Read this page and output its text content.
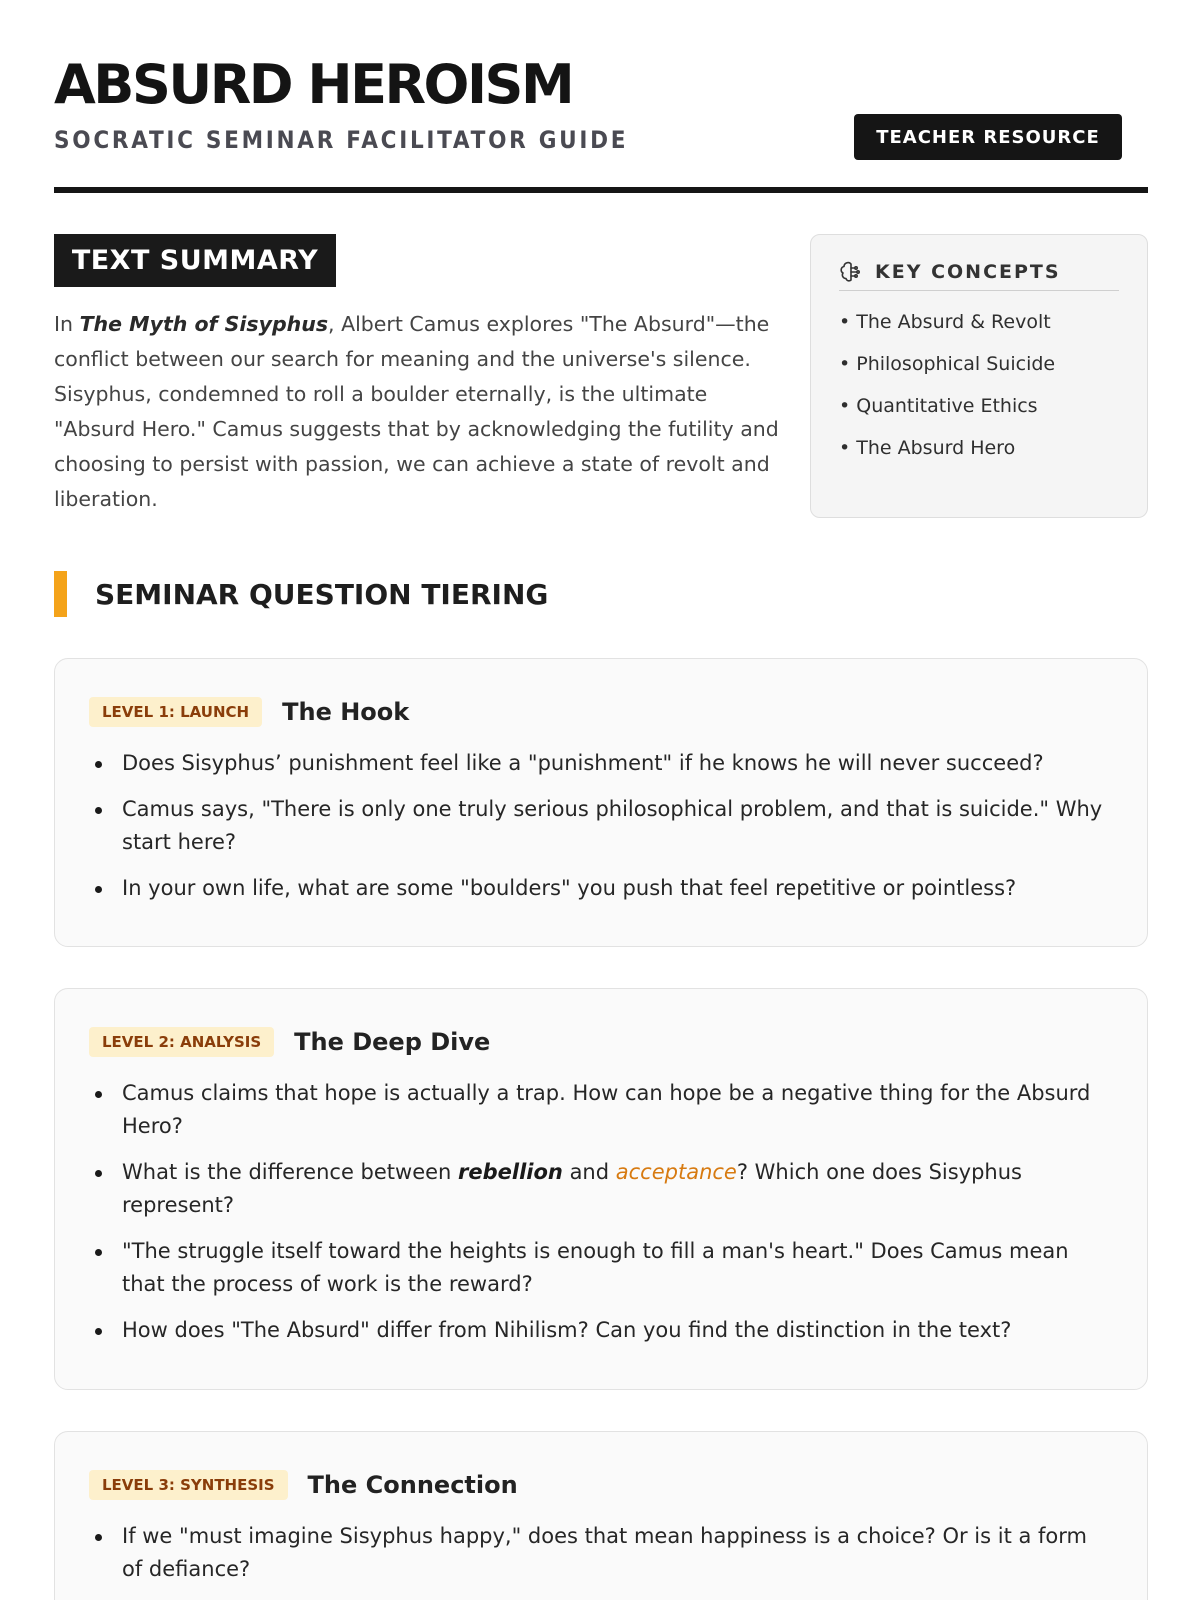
ABSURD HEROISM
SOCRATIC SEMINAR FACILITATOR GUIDE	TEACHER RESOURCE
TEXT SUMMARY

In The Myth of Sisyphus, Albert Camus explores "The Absurd"—the conflict between our search for meaning and the universe's silence. Sisyphus, condemned to roll a boulder eternally, is the ultimate "Absurd Hero." Camus suggests that by acknowledging the futility and choosing to persist with passion, we can achieve a state of revolt and liberation.

KEY CONCEPTS
• The Absurd & Revolt
• Philosophical Suicide
• Quantitative Ethics
• The Absurd Hero
SEMINAR QUESTION TIERING
LEVEL 1: LAUNCH	The Hook
Does Sisyphus’ punishment feel like a "punishment" if he knows he will never succeed?
Camus says, "There is only one truly serious philosophical problem, and that is suicide." Why start here?
In your own life, what are some "boulders" you push that feel repetitive or pointless?
LEVEL 2: ANALYSIS	The Deep Dive
Camus claims that hope is actually a trap. How can hope be a negative thing for the Absurd Hero?
What is the difference between rebellion and acceptance? Which one does Sisyphus represent?
"The struggle itself toward the heights is enough to fill a man's heart." Does Camus mean that the process of work is the reward?
How does "The Absurd" differ from Nihilism? Can you find the distinction in the text?
LEVEL 3: SYNTHESIS	The Connection
If we "must imagine Sisyphus happy," does that mean happiness is a choice? Or is it a form of defiance?
